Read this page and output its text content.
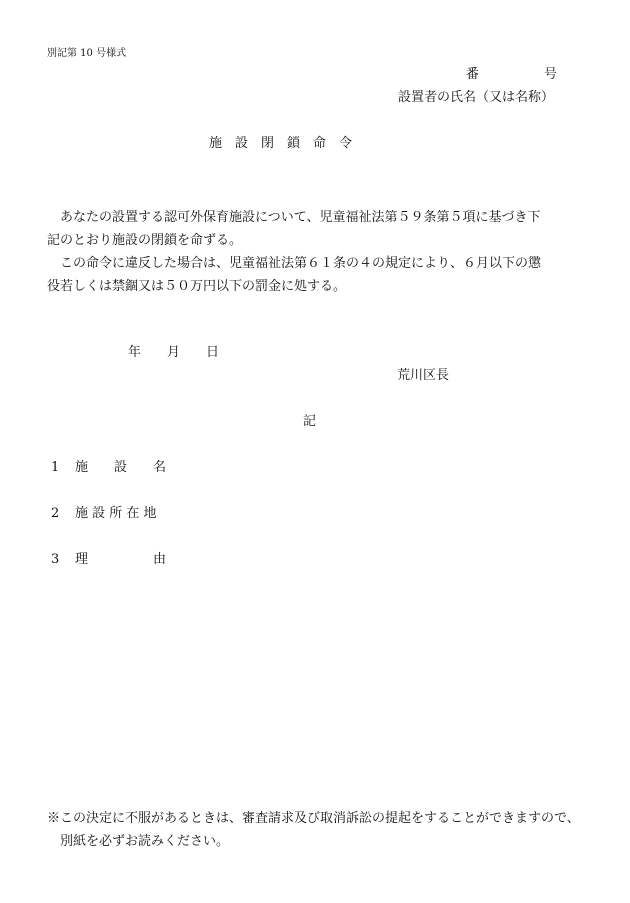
別記第 10 号様式
番　　　　　号
設置者の氏名（又は名称）
施　設　閉　鎖　命　令
　あなたの設置する認可外保育施設について、児童福祉法第５９条第５項に基づき下
記のとおり施設の閉鎖を命ずる。
　この命令に違反した場合は、児童福祉法第６１条の４の規定により、６月以下の懲
役若しくは禁錮又は５０万円以下の罰金に処する。
年　　月　　日
荒川区長
記
1 施　　設　　名
2 施 設 所 在 地
3 理　　　　　由
※この決定に不服があるときは、審査請求及び取消訴訟の提起をすることができますので、
　別紙を必ずお読みください。
